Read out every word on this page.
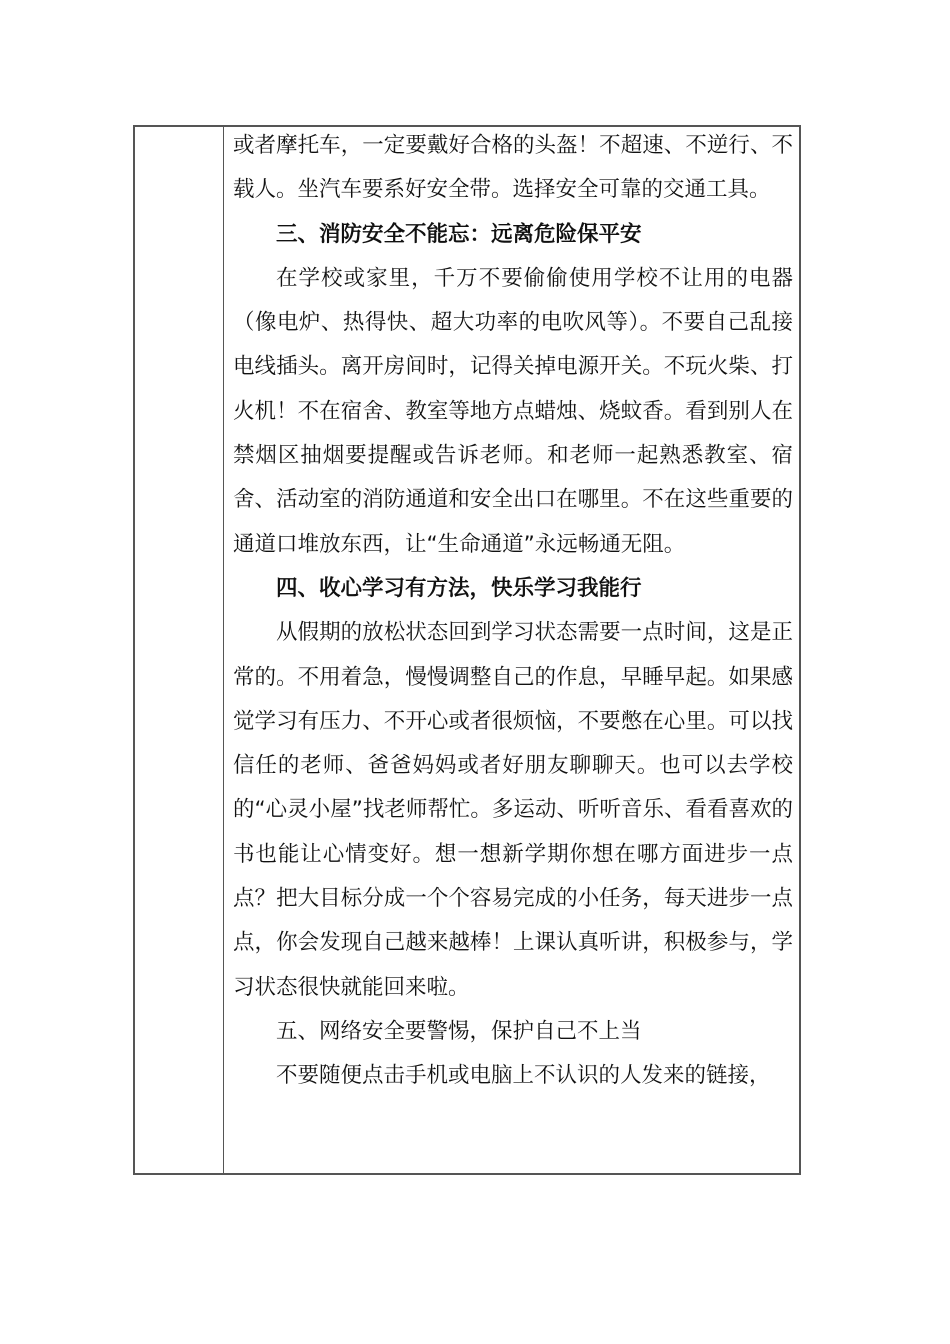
或者摩托车，一定要戴好合格的头盔！不超速、不逆行、不载人。坐汽车要系好安全带。选择安全可靠的交通工具。

三、消防安全不能忘：远离危险保平安

在学校或家里，千万不要偷偷使用学校不让用的电器（像电炉、热得快、超大功率的电吹风等）。不要自己乱接电线插头。离开房间时，记得关掉电源开关。不玩火柴、打火机！不在宿舍、教室等地方点蜡烛、烧蚊香。看到别人在禁烟区抽烟要提醒或告诉老师。和老师一起熟悉教室、宿舍、活动室的消防通道和安全出口在哪里。不在这些重要的通道口堆放东西，让“生命通道”永远畅通无阻。

四、收心学习有方法，快乐学习我能行

从假期的放松状态回到学习状态需要一点时间，这是正常的。不用着急，慢慢调整自己的作息，早睡早起。如果感觉学习有压力、不开心或者很烦恼，不要憋在心里。可以找信任的老师、爸爸妈妈或者好朋友聊聊天。也可以去学校的“心灵小屋”找老师帮忙。多运动、听听音乐、看看喜欢的书也能让心情变好。想一想新学期你想在哪方面进步一点点？把大目标分成一个个容易完成的小任务，每天进步一点点，你会发现自己越来越棒！上课认真听讲，积极参与，学习状态很快就能回来啦。

五、网络安全要警惕，保护自己不上当

不要随便点击手机或电脑上不认识的人发来的链接，
